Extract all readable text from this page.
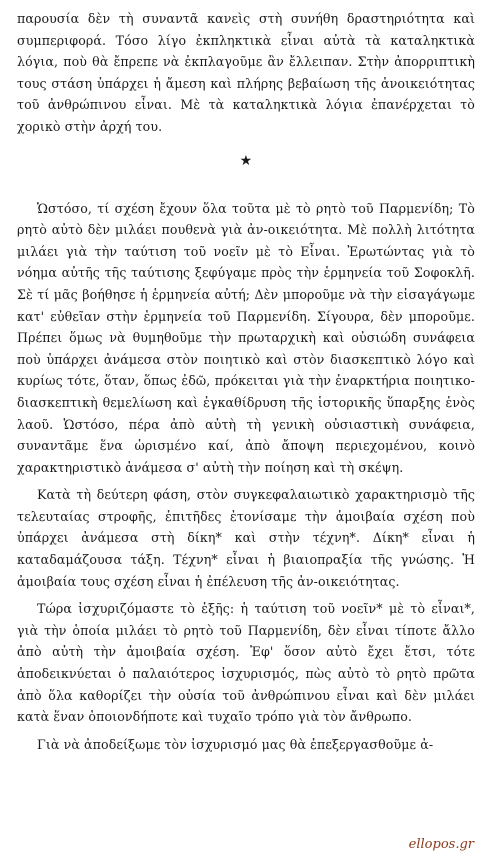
παρουσία δὲν τὴ συναντᾶ κανεὶς στὴ συνήθη δραστηριότητα καὶ συμπεριφορά. Τόσο λίγο ἐκπληκτικὰ εἶναι αὐτὰ τὰ καταληκτικὰ λόγια, ποὺ θὰ ἔπρεπε νὰ ἐκπλαγοῦμε ἂν ἔλλειπαν. Στὴν ἀπορριπτικὴ τους στάση ὑπάρχει ἡ ἄμεση καὶ πλήρης βεβαίωση τῆς ἀνοικειότητας τοῦ ἀνθρώπινου εἶναι. Μὲ τὰ καταληκτικὰ λόγια ἐπανέρχεται τὸ χορικὸ στὴν ἀρχή του.

★

Ὡστόσο, τί σχέση ἔχουν ὅλα τοῦτα μὲ τὸ ρητὸ τοῦ Παρμενίδη; Τὸ ρητὸ αὐτὸ δὲν μιλάει πουθενὰ γιὰ ἀν-οικειότητα. Μὲ πολλὴ λιτότητα μιλάει γιὰ τὴν ταύτιση τοῦ νοεῖν μὲ τὸ Εἶναι. Ἐρωτώντας γιὰ τὸ νόημα αὐτῆς τῆς ταύτισης ξεφύγαμε πρὸς τὴν ἑρμηνεία τοῦ Σοφοκλῆ. Σὲ τί μᾶς βοήθησε ἡ ἑρμηνεία αὐτή; Δὲν μποροῦμε νὰ τὴν εἰσαγάγωμε κατ' εὐθεῖαν στὴν ἑρμηνεία τοῦ Παρμενίδη. Σίγουρα, δὲν μποροῦμε. Πρέπει ὅμως νὰ θυμηθοῦμε τὴν πρωταρχικὴ καὶ οὐσιώδη συνάφεια ποὺ ὑπάρχει ἀνάμεσα στὸν ποιητικὸ καὶ στὸν διασκεπτικὸ λόγο καὶ κυρίως τότε, ὅταν, ὅπως ἐδῶ, πρόκειται γιὰ τὴν ἐναρκτήρια ποιητικο-διασκεπτικὴ θεμελίωση καὶ ἐγκαθίδρυση τῆς ἱστορικῆς ὕπαρξης ἑνὸς λαοῦ. Ὡστόσο, πέρα ἀπὸ αὐτὴ τὴ γενικὴ οὐσιαστικὴ συνάφεια, συναντᾶμε ἕνα ὡρισμένο καί, ἀπὸ ἄποψη περιεχομένου, κοινὸ χαρακτηριστικὸ ἀνάμεσα σ' αὐτὴ τὴν ποίηση καὶ τὴ σκέψη.

Κατὰ τὴ δεύτερη φάση, στὸν συγκεφαλαιωτικὸ χαρακτηρισμὸ τῆς τελευταίας στροφῆς, ἐπιτῆδες ἐτονίσαμε τὴν ἀμοιβαία σχέση ποὺ ὑπάρχει ἀνάμεσα στὴ δίκη* καὶ στὴν τέχνη*. Δίκη* εἶναι ἡ καταδαμάζουσα τάξη. Τέχνη* εἶναι ἡ βιαιοπραξία τῆς γνώσης. Ἡ ἀμοιβαία τους σχέση εἶναι ἡ ἐπέλευση τῆς ἀν-οικειότητας.

Τώρα ἰσχυριζόμαστε τὸ ἑξῆς: ἡ ταύτιση τοῦ νοεῖν* μὲ τὸ εἶναι*, γιὰ τὴν ὁποία μιλάει τὸ ρητὸ τοῦ Παρμενίδη, δὲν εἶναι τίποτε ἄλλο ἀπὸ αὐτὴ τὴν ἀμοιβαία σχέση. Ἐφ' ὅσον αὐτὸ ἔχει ἔτσι, τότε ἀποδεικνύεται ὁ παλαιότερος ἰσχυρισμός, πὼς αὐτὸ τὸ ρητὸ πρῶτα ἀπὸ ὅλα καθορίζει τὴν οὐσία τοῦ ἀνθρώπινου εἶναι καὶ δὲν μιλάει κατὰ ἕναν ὁποιονδήποτε καὶ τυχαῖο τρόπο γιὰ τὸν ἄνθρωπο.

Γιὰ νὰ ἀποδείξωμε τὸν ἰσχυρισμό μας θὰ ἐπεξεργασθοῦμε ἀ-

ellopos.gr
